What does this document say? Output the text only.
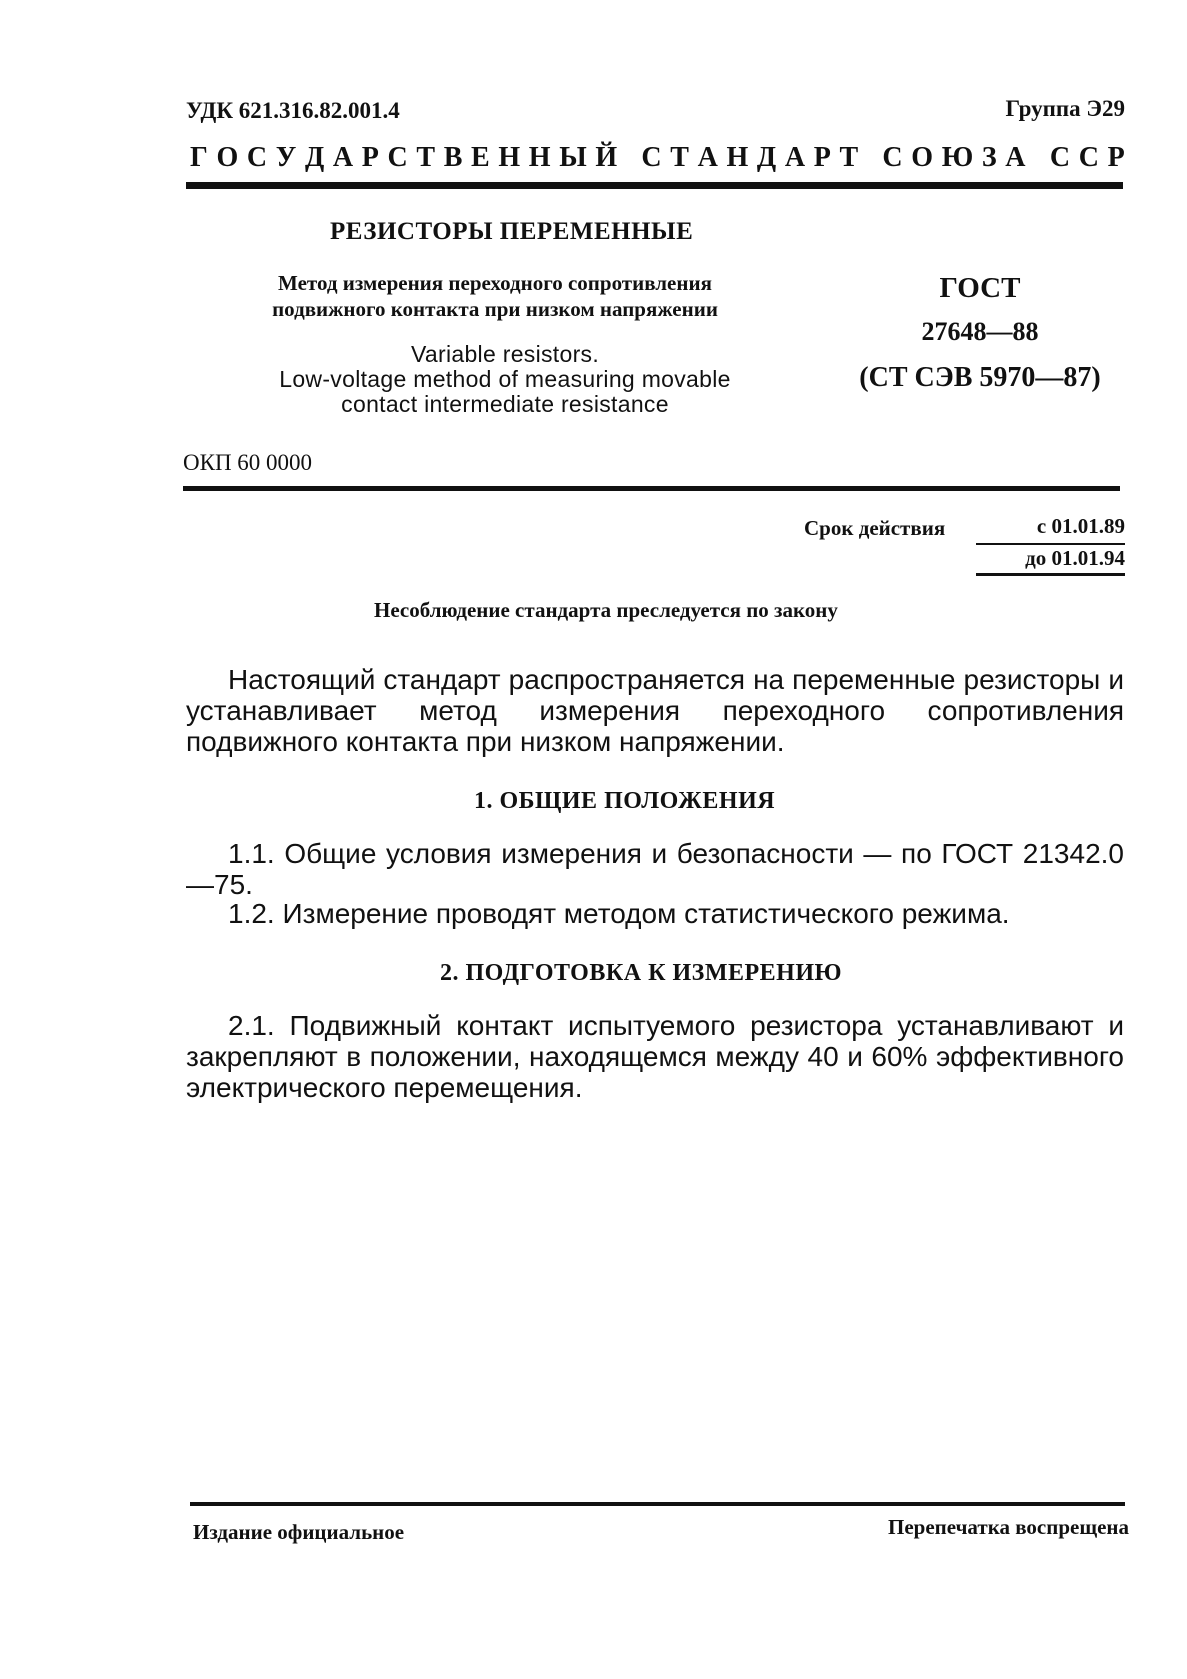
УДК 621.316.82.001.4	Группа Э29
Г О С У Д А Р С Т В Е Н Н Ы Й
С Т А Н Д А Р Т
С О Ю З А
С С Р
РЕЗИСТОРЫ ПЕРЕМЕННЫЕ
Метод измерения переходного сопротивления
подвижного контакта при низком напряжении
Variable resistors.
Low-voltage method of measuring movable
contact intermediate resistance
ГОСТ
27648—88
(СТ СЭВ 5970—87)
ОКП 60 0000
Срок действия	с 01.01.89
до 01.01.94
Несоблюдение стандарта преследуется по закону
Настоящий стандарт распространяется на переменные резисторы и устанавливает метод измерения переходного сопротивления подвижного контакта при низком напряжении.
1. ОБЩИЕ ПОЛОЖЕНИЯ
1.1. Общие условия измерения и безопасности — по ГОСТ 21342.0—75.
1.2. Измерение проводят методом статистического режима.
2. ПОДГОТОВКА К ИЗМЕРЕНИЮ
2.1. Подвижный контакт испытуемого резистора устанавливают и закрепляют в положении, находящемся между 40 и 60% эффективного электрического перемещения.
Издание официальное	Перепечатка воспрещена
